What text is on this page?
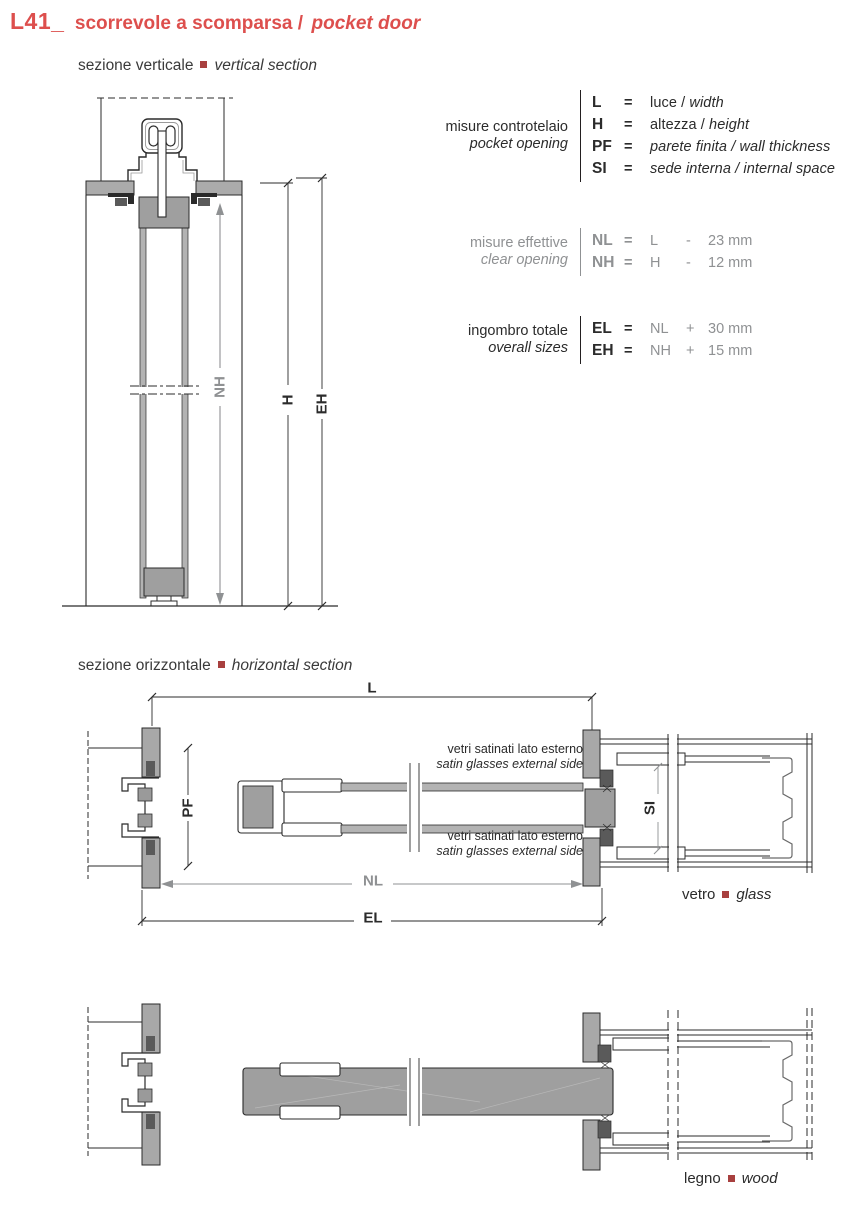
L41_ scorrevole a scomparsa / pocket door
sezione verticale vertical section
NH
H EH
misure controtelaio
pocket opening
L	=	luce / width
H	=	altezza / height
PF =	parete finita / wall thickness
SI	=	sede interna / internal space
misure effettive
clear opening
NL =	L	-	23 mm
NH =	H	-	12 mm
ingombro totale
overall sizes
EL =	NL	+ 30 mm
EH =	NH	+ 15 mm
sezione orizzontale horizontal section
L
PF	SI
NL
EL
vetri satinati lato esterno
satin glasses external side
vetri satinati lato esterno
satin glasses external side
vetro glass
legno wood
